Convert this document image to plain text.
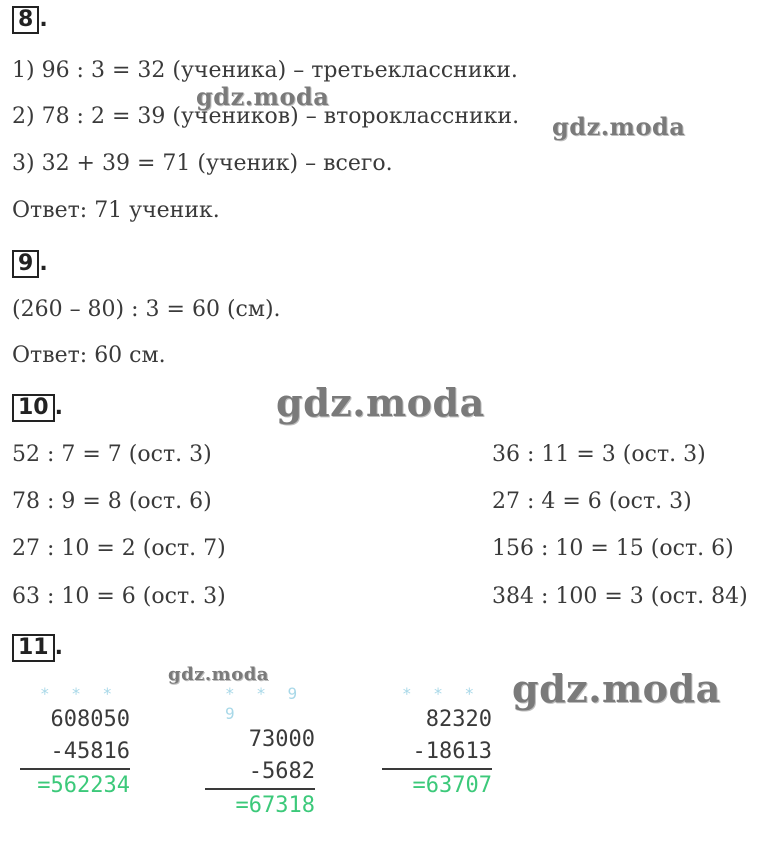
8 .
1) 96 : 3 = 32 (ученика) – третьеклассники.
2) 78 : 2 = 39 (учеников) – второклассники.
3) 32 + 39 = 71 (ученик) – всего.
Ответ: 71 ученик.
9 .
(260 – 80) : 3 = 60 (см).
Ответ: 60 см.
10 .
52 : 7 = 7 (ост. 3)
78 : 9 = 8 (ост. 6)
27 : 10 = 2 (ост. 7)
63 : 10 = 6 (ост. 3)
36 : 11 = 3 (ост. 3)
27 : 4 = 6 (ост. 3)
156 : 10 = 15 (ост. 6)
384 : 100 = 3 (ост. 84)
11 .
* * *
608050
-45816
=562234
* * 9 9
73000
-5682
=67318
* * *
82320
-18613
=63707
gdz.moda
gdz.moda
gdz.moda
gdz.moda	gdz.moda
